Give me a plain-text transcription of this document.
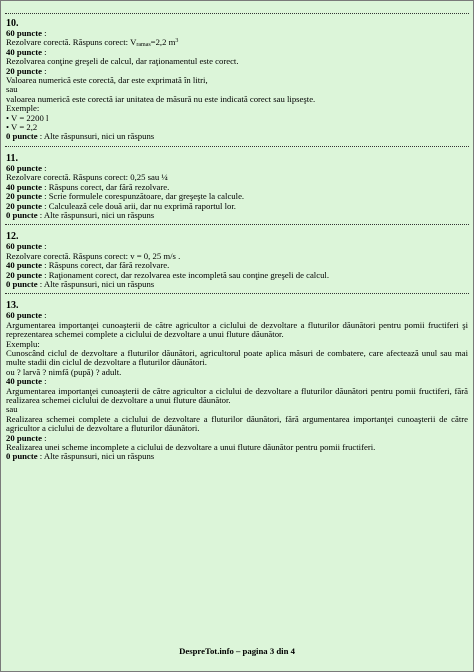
10.
60 puncte :
Rezolvare corectă. Răspuns corect: $V_{ramas}=2,2$ $m^3$
40 puncte :
Rezolvarea conţine greşeli de calcul, dar raţionamentul este corect.
20 puncte :
Valoarea numerică este corectă, dar este exprimată în litri,
sau
valoarea numerică este corectă iar unitatea de măsură nu este indicată corect sau lipseşte.
Exemple:
• V = 2200 l
• V = 2,2
0 puncte : Alte răspunsuri, nici un răspuns
11.
60 puncte :
Rezolvare corectă. Răspuns corect: 0,25 sau ¼
40 puncte : Răspuns corect, dar fără rezolvare.
20 puncte : Scrie formulele corespunzătoare, dar greşeşte la calcule.
20 puncte : Calculează cele două arii, dar nu exprimă raportul lor.
0 puncte : Alte răspunsuri, nici un răspuns
12.
60 puncte :
Rezolvare corectă. Răspuns corect: v = 0, 25 m/s .
40 puncte : Răspuns corect, dar fără rezolvare.
20 puncte : Raţionament corect, dar rezolvarea este incompletă sau conţine greşeli de calcul.
0 puncte : Alte răspunsuri, nici un răspuns
13.
60 puncte :
Argumentarea importanţei cunoaşterii de către agricultor a ciclului de dezvoltare a fluturilor dăunători pentru pomii fructiferi şi reprezentarea schemei complete a ciclului de dezvoltare a unui fluture dăunător.
Exemplu:
Cunoscând ciclul de dezvoltare a fluturilor dăunători, agricultorul poate aplica măsuri de combatere, care afectează unul sau mai multe stadii din ciclul de dezvoltare a fluturilor dăunători.
ou ? larvă ? nimfă (pupă) ? adult.
40 puncte :
Argumentarea importanţei cunoaşterii de către agricultor a ciclului de dezvoltare a fluturilor dăunători pentru pomii fructiferi, fără realizarea schemei ciclului de dezvoltare a unui fluture dăunător.
sau
Realizarea schemei complete a ciclului de dezvoltare a fluturilor dăunători, fără argumentarea importanţei cunoaşterii de către agricultor a ciclului de dezvoltare a fluturilor dăunători.
20 puncte :
Realizarea unei scheme incomplete a ciclului de dezvoltare a unui fluture dăunător pentru pomii fructiferi.
0 puncte : Alte răspunsuri, nici un răspuns
DespreTot.info – pagina 3 din 4
